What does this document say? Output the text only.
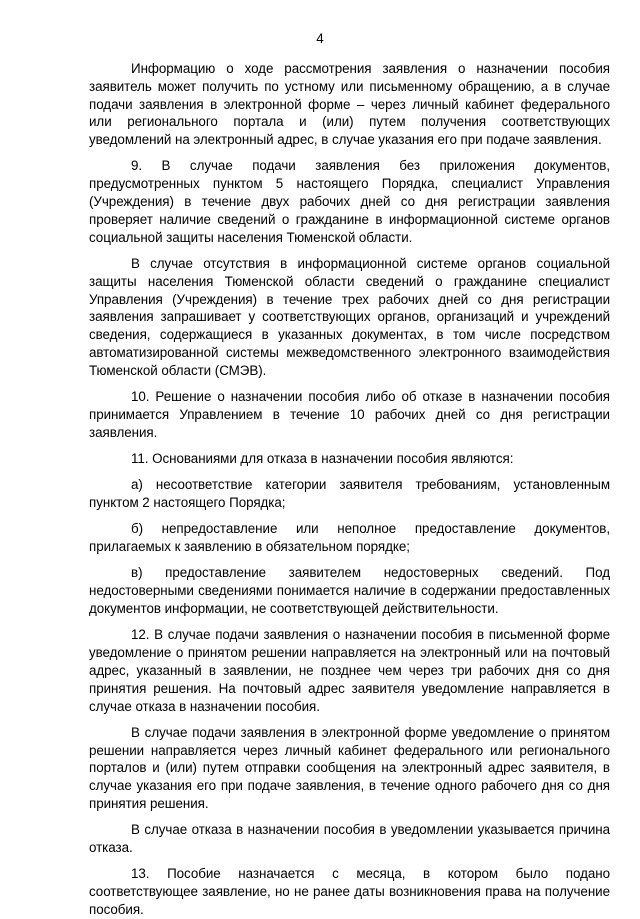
4

Информацию о ходе рассмотрения заявления о назначении пособия заявитель может получить по устному или письменному обращению, а в случае подачи заявления в электронной форме – через личный кабинет федерального или регионального портала и (или) путем получения соответствующих уведомлений на электронный адрес, в случае указания его при подаче заявления.

9. В случае подачи заявления без приложения документов, предусмотренных пунктом 5 настоящего Порядка, специалист Управления (Учреждения) в течение двух рабочих дней со дня регистрации заявления проверяет наличие сведений о гражданине в информационной системе органов социальной защиты населения Тюменской области.

В случае отсутствия в информационной системе органов социальной защиты населения Тюменской области сведений о гражданине специалист Управления (Учреждения) в течение трех рабочих дней со дня регистрации заявления запрашивает у соответствующих органов, организаций и учреждений сведения, содержащиеся в указанных документах, в том числе посредством автоматизированной системы межведомственного электронного взаимодействия Тюменской области (СМЭВ).

10. Решение о назначении пособия либо об отказе в назначении пособия принимается Управлением в течение 10 рабочих дней со дня регистрации заявления.

11. Основаниями для отказа в назначении пособия являются:

а) несоответствие категории заявителя требованиям, установленным пунктом 2 настоящего Порядка;

б) непредоставление или неполное предоставление документов, прилагаемых к заявлению в обязательном порядке;

в) предоставление заявителем недостоверных сведений. Под недостоверными сведениями понимается наличие в содержании предоставленных документов информации, не соответствующей действительности.

12. В случае подачи заявления о назначении пособия в письменной форме уведомление о принятом решении направляется на электронный или на почтовый адрес, указанный в заявлении, не позднее чем через три рабочих дня со дня принятия решения. На почтовый адрес заявителя уведомление направляется в случае отказа в назначении пособия.

В случае подачи заявления в электронной форме уведомление о принятом решении направляется через личный кабинет федерального или регионального порталов и (или) путем отправки сообщения на электронный адрес заявителя, в случае указания его при подаче заявления, в течение одного рабочего дня со дня принятия решения.

В случае отказа в назначении пособия в уведомлении указывается причина отказа.

13. Пособие назначается с месяца, в котором было подано соответствующее заявление, но не ранее даты возникновения права на получение пособия.
